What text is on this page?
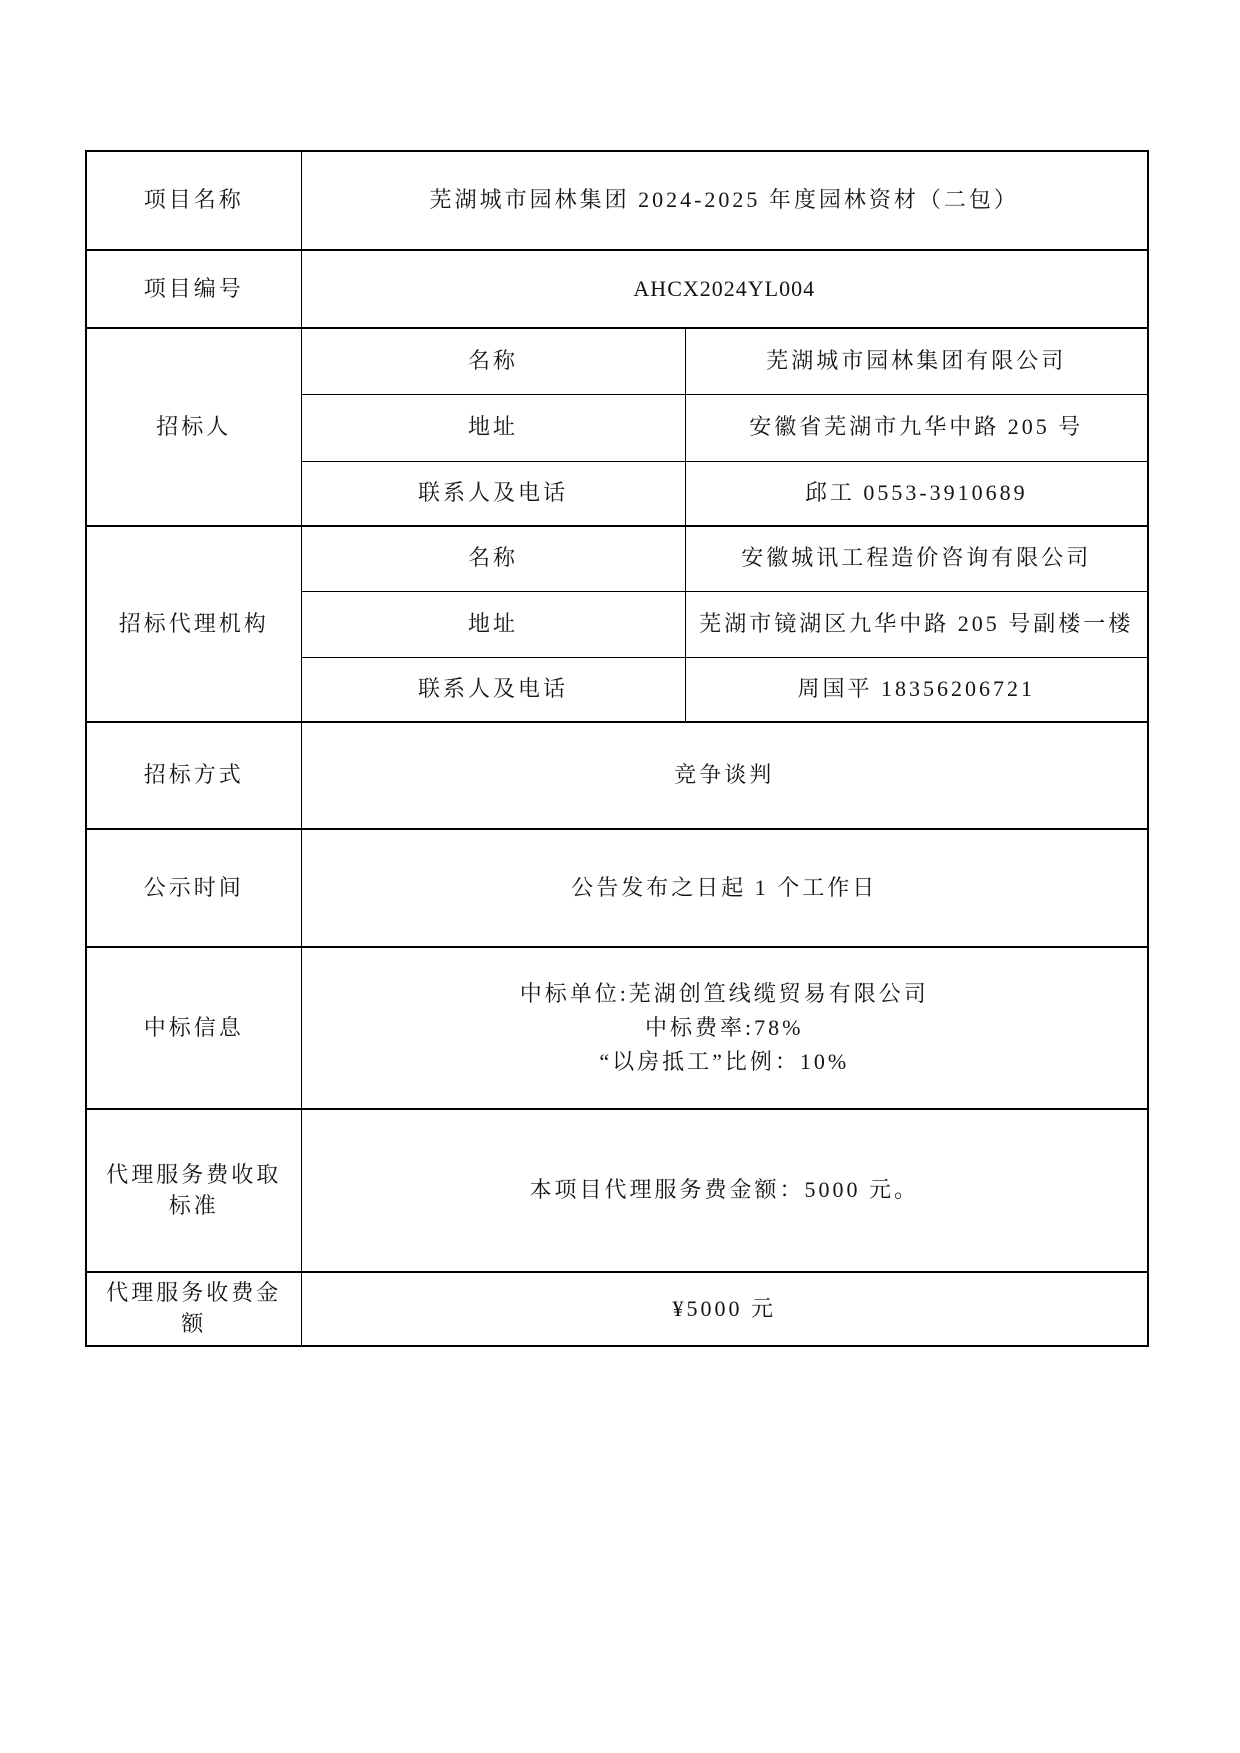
项目名称	芜湖城市园林集团 2024-2025 年度园林资材（二包）	
项目编号	AHCX2024YL004	
招标人	名称	芜湖城市园林集团有限公司
	地址	安徽省芜湖市九华中路 205 号
	联系人及电话	邱工 0553-3910689
招标代理机构	名称	安徽城讯工程造价咨询有限公司
	地址	芜湖市镜湖区九华中路 205 号副楼一楼
	联系人及电话	周国平 18356206721
招标方式	竞争谈判	
公示时间	公告发布之日起 1 个工作日	
中标信息	中标单位:芜湖创笪线缆贸易有限公司
中标费率:78%
“以房抵工”比例：10%	

代理服务费收取标准	本项目代理服务费金额：5000 元。	
代理服务收费金额	¥5000 元	
